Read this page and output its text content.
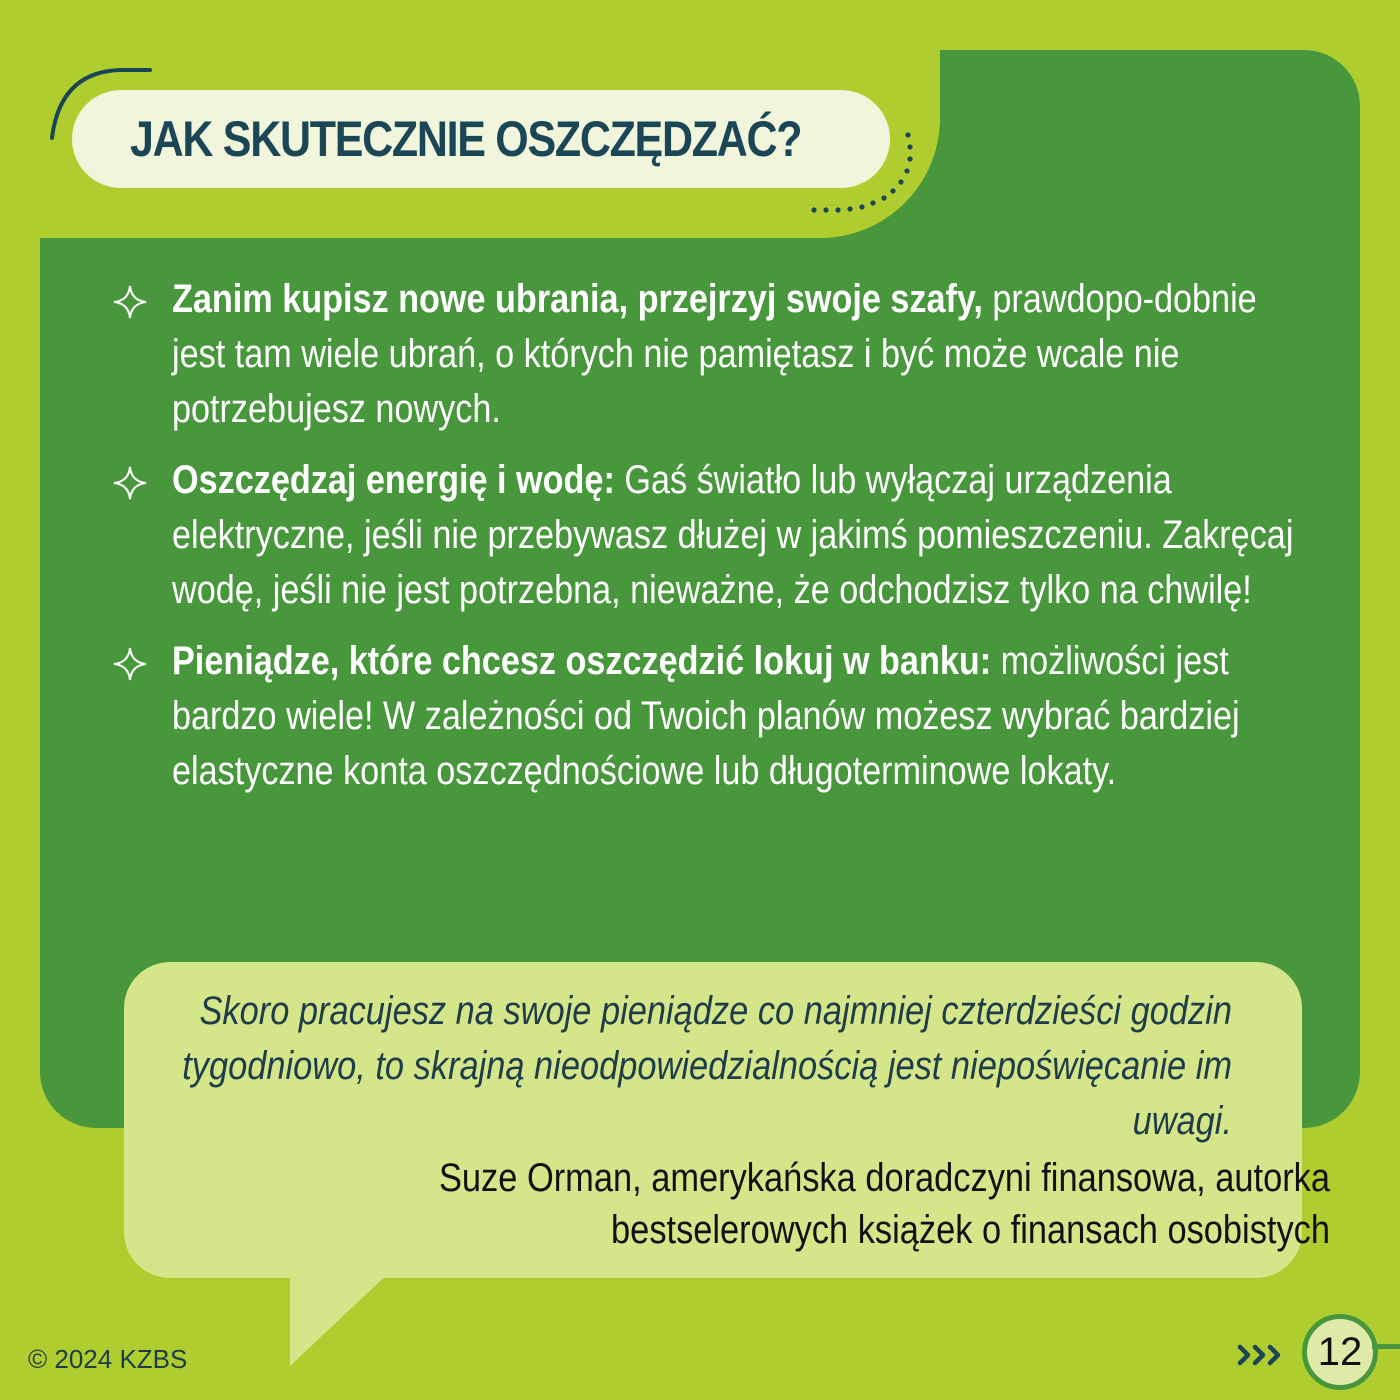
JAK SKUTECZNIE OSZCZĘDZAĆ?
Zanim kupisz nowe ubrania, przejrzyj swoje szafy, prawdopo-dobnie jest tam wiele ubrań, o których nie pamiętasz i być może wcale nie potrzebujesz nowych.
Oszczędzaj energię i wodę: Gaś światło lub wyłączaj urządzenia elektryczne, jeśli nie przebywasz dłużej w jakimś pomieszczeniu. Zakręcaj wodę, jeśli nie jest potrzebna, nieważne, że odchodzisz tylko na chwilę!
Pieniądze, które chcesz oszczędzić lokuj w banku: możliwości jest bardzo wiele! W zależności od Twoich planów możesz wybrać bardziej elastyczne konta oszczędnościowe lub długoterminowe lokaty.
Skoro pracujesz na swoje pieniądze co najmniej czterdzieści godzin tygodniowo, to skrajną nieodpowiedzialnością jest niepoświęcanie im uwagi.
Suze Orman, amerykańska doradczyni finansowa, autorka bestselerowych książek o finansach osobistych
© 2024 KZBS	12
